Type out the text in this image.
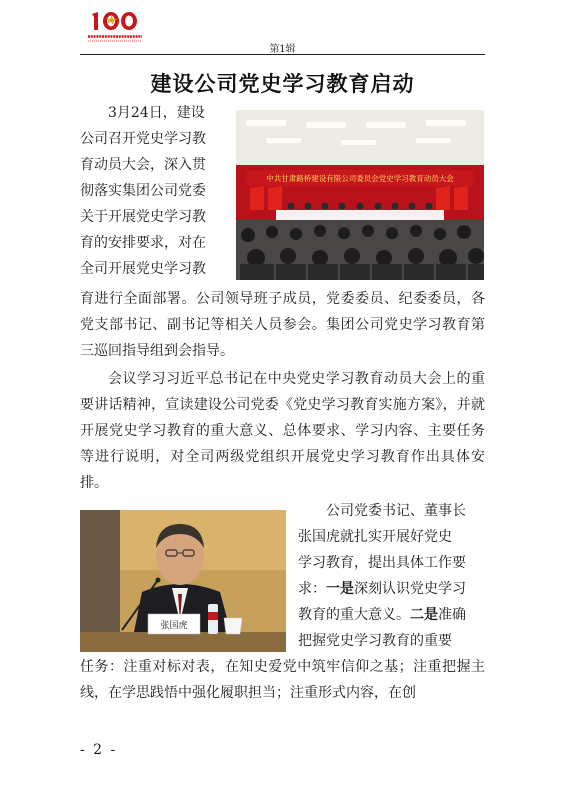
第1辑
建设公司党史学习教育启动
　　3月24日，建设
公司召开党史学习教
育动员大会，深入贯
彻落实集团公司党委
关于开展党史学习教
育的安排要求，对在
全司开展党史学习教
中共甘肃路桥建设有限公司委员会党史学习教育动员大会
育进行全面部署。公司领导班子成员，党委委员、纪委委员，各党支部书记、副书记等相关人员参会。集团公司党史学习教育第三巡回指导组到会指导。
会议学习习近平总书记在中央党史学习教育动员大会上的重要讲话精神，宣读建设公司党委《党史学习教育实施方案》，并就开展党史学习教育的重大意义、总体要求、学习内容、主要任务等进行说明，对全司两级党组织开展党史学习教育作出具体安排。
张国虎
　　公司党委书记、董事长
张国虎就扎实开展好党史
学习教育，提出具体工作要
求：一是深刻认识党史学习
教育的重大意义。二是准确
把握党史学习教育的重要
任务：注重对标对表，在知史爱党中筑牢信仰之基；注重把握主线，在学思践悟中强化履职担当；注重形式内容，在创
- 2 -
